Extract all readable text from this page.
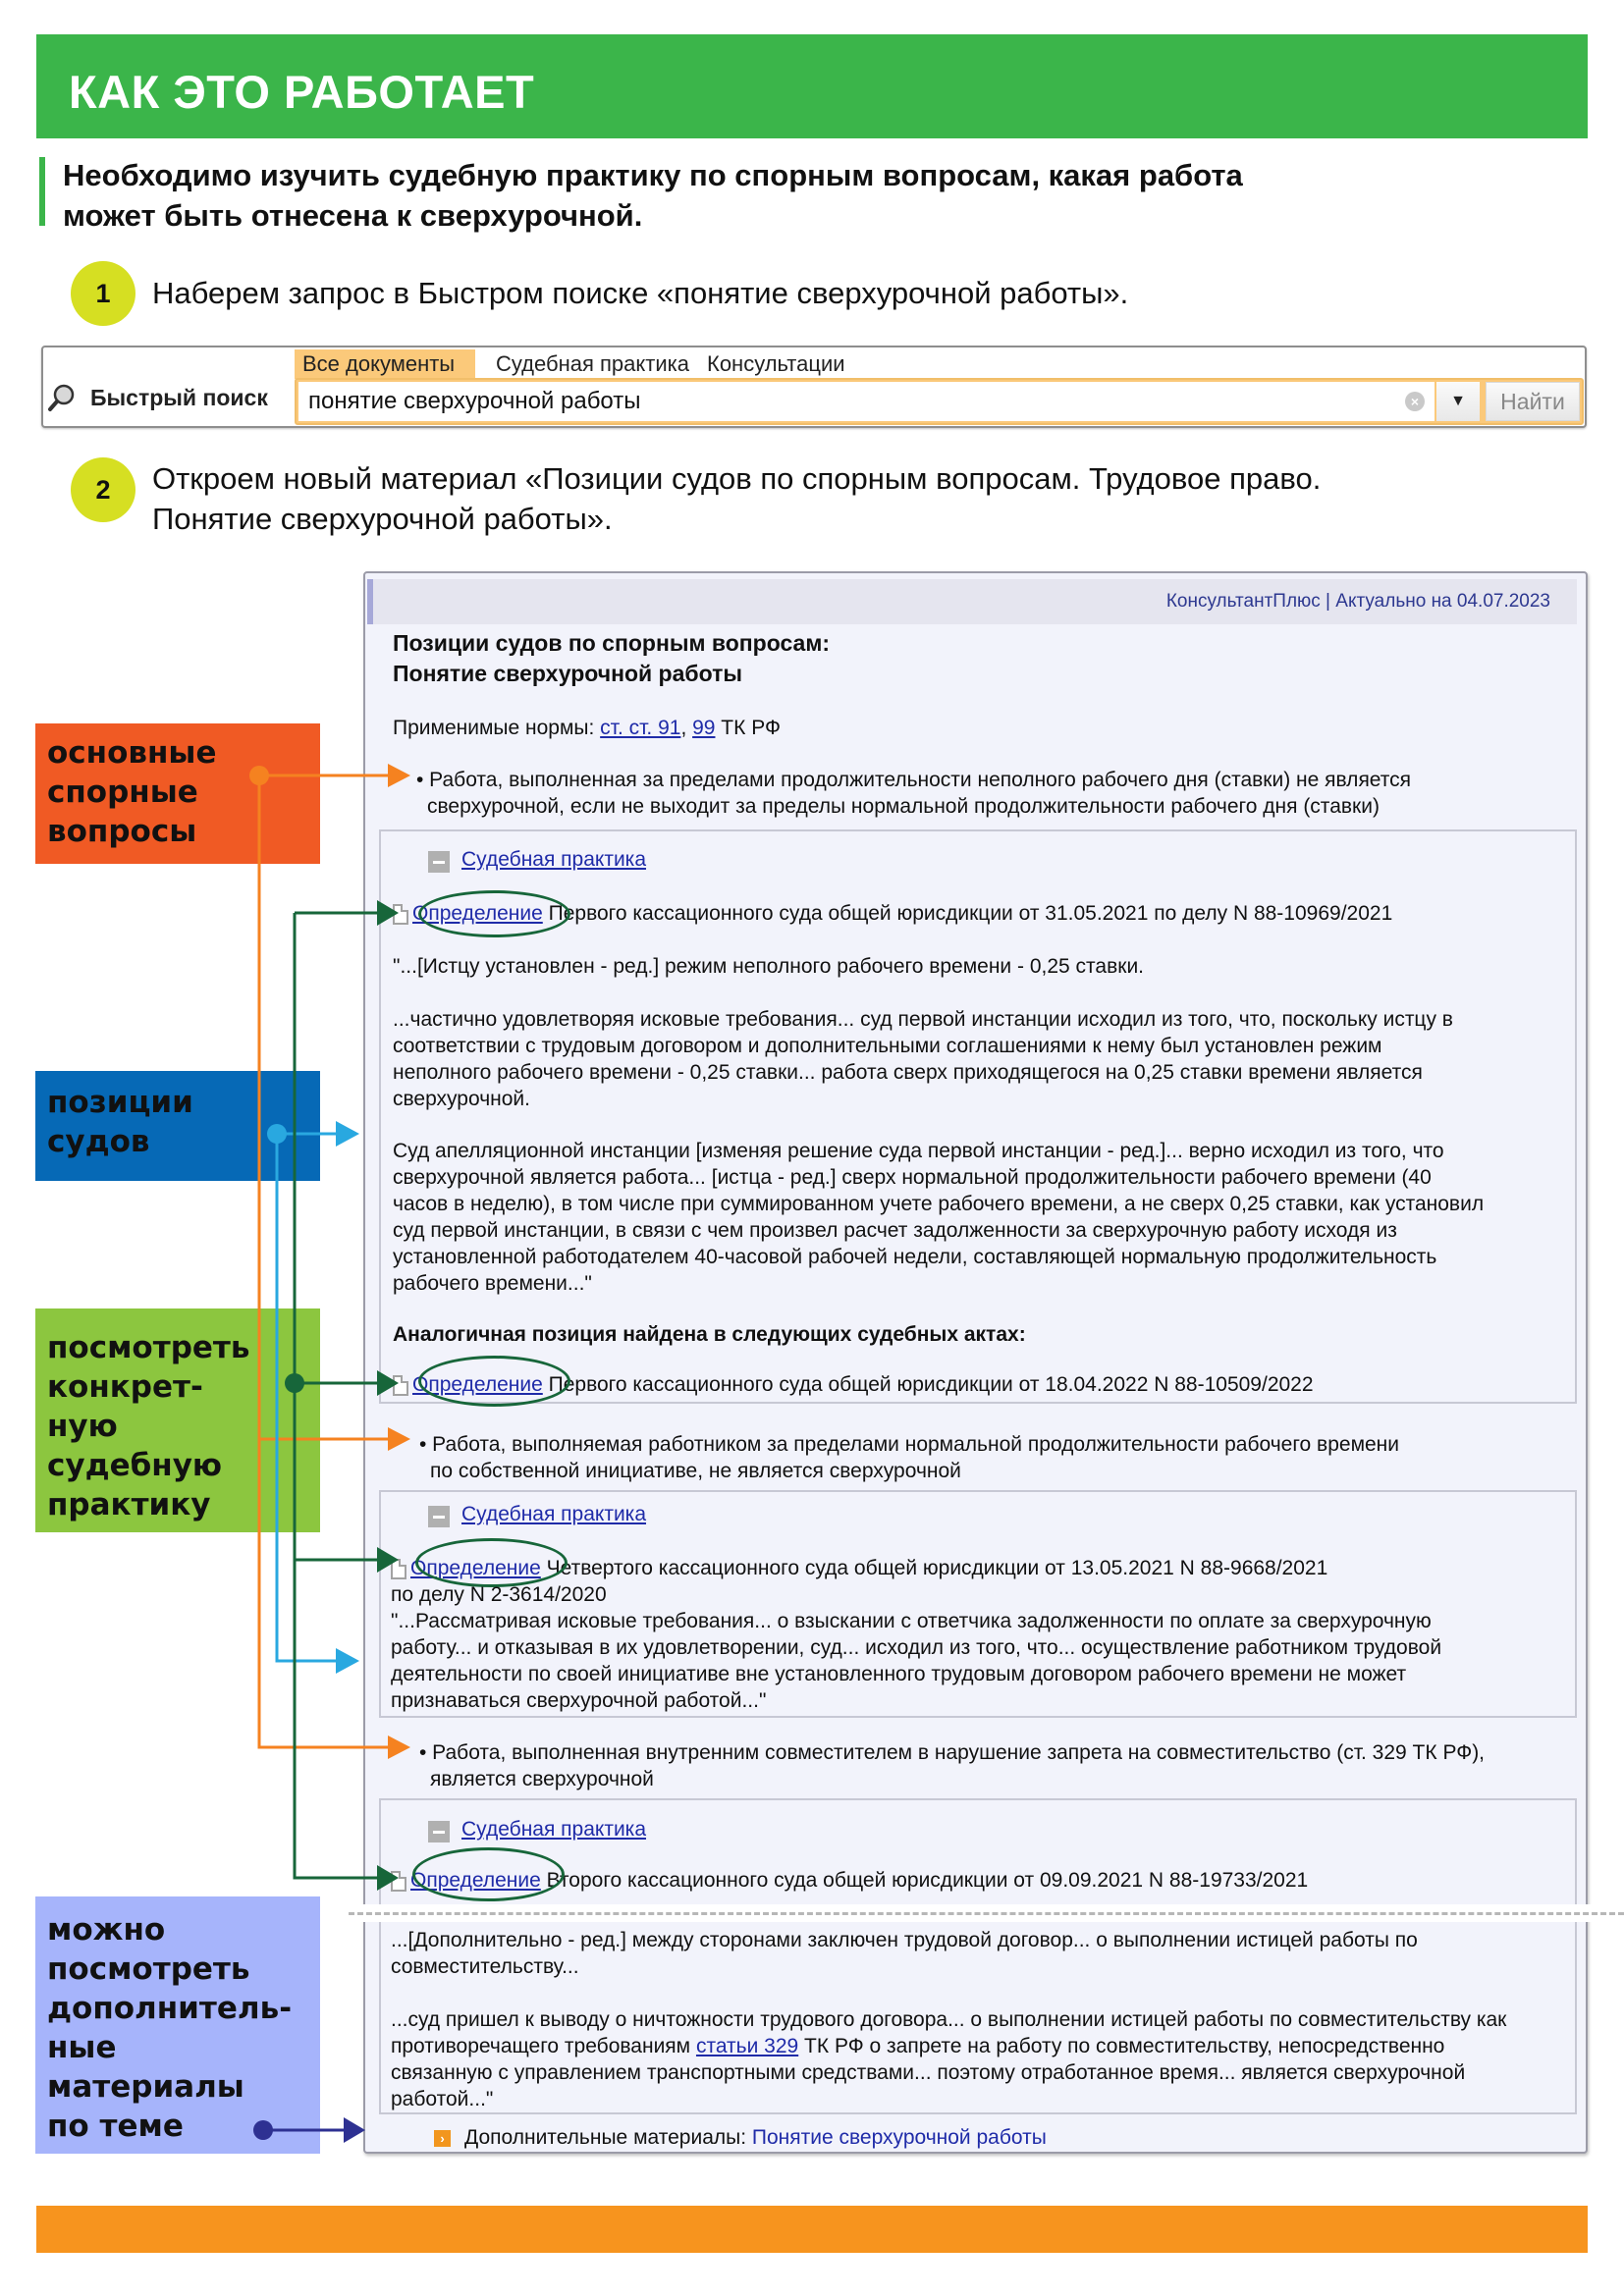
КАК ЭТО РАБОТАЕТ
Необходимо изучить судебную практику по спорным вопросам, какая работа
может быть отнесена к сверхурочной.
1	Наберем запрос в Быстром поиске «понятие сверхурочной работы».
Быстрый поиск
Все документы	Судебная практика Консультации
понятие сверхурочной работы
×	▼	Найти
2	Откроем новый материал «Позиции судов по спорным вопросам. Трудовое право.
Понятие сверхурочной работы».
КонсультантПлюс | Актуально на 04.07.2023
Позиции судов по спорным вопросам:
Понятие сверхурочной работы
Применимые нормы: ст. ст. 91, 99 ТК РФ
• Работа, выполненная за пределами продолжительности неполного рабочего дня (ставки) не является
сверхурочной, если не выходит за пределы нормальной продолжительности рабочего дня (ставки)
Судебная практика
Определение Первого кассационного суда общей юрисдикции от 31.05.2021 по делу N 88-10969/2021
"...[Истцу установлен - ред.] режим неполного рабочего времени - 0,25 ставки.
...частично удовлетворяя исковые требования... суд первой инстанции исходил из того, что, поскольку истцу в
соответствии с трудовым договором и дополнительными соглашениями к нему был установлен режим
неполного рабочего времени - 0,25 ставки... работа сверх приходящегося на 0,25 ставки времени является
сверхурочной.
Суд апелляционной инстанции [изменяя решение суда первой инстанции - ред.]... верно исходил из того, что
сверхурочной является работа... [истца - ред.] сверх нормальной продолжительности рабочего времени (40
часов в неделю), в том числе при суммированном учете рабочего времени, а не сверх 0,25 ставки, как установил
суд первой инстанции, в связи с чем произвел расчет задолженности за сверхурочную работу исходя из
установленной работодателем 40-часовой рабочей недели, составляющей нормальную продолжительность
рабочего времени..."
Аналогичная позиция найдена в следующих судебных актах:
Определение Первого кассационного суда общей юрисдикции от 18.04.2022 N 88-10509/2022
• Работа, выполняемая работником за пределами нормальной продолжительности рабочего времени
по собственной инициативе, не является сверхурочной
Судебная практика
Определение Четвертого кассационного суда общей юрисдикции от 13.05.2021 N 88-9668/2021
по делу N 2-3614/2020
"...Рассматривая исковые требования... о взыскании с ответчика задолженности по оплате за сверхурочную
работу... и отказывая в их удовлетворении, суд... исходил из того, что... осуществление работником трудовой
деятельности по своей инициативе вне установленного трудовым договором рабочего времени не может
признаваться сверхурочной работой..."
• Работа, выполненная внутренним совместителем в нарушение запрета на совместительство (ст. 329 ТК РФ),
является сверхурочной
Судебная практика
Определение Второго кассационного суда общей юрисдикции от 09.09.2021 N 88-19733/2021
...[Дополнительно - ред.] между сторонами заключен трудовой договор... о выполнении истицей работы по
совместительству...
...суд пришел к выводу о ничтожности трудового договора... о выполнении истицей работы по совместительству как
противоречащего требованиям статьи 329 ТК РФ о запрете на работу по совместительству, непосредственно
связанную с управлением транспортными средствами... поэтому отработанное время... является сверхурочной
работой..."
› Дополнительные материалы: Понятие сверхурочной работы
основные
спорные
вопросы
позиции
судов
посмотреть
конкрет-
ную
судебную
практику
можно
посмотреть
дополнитель-
ные
материалы
по теме
